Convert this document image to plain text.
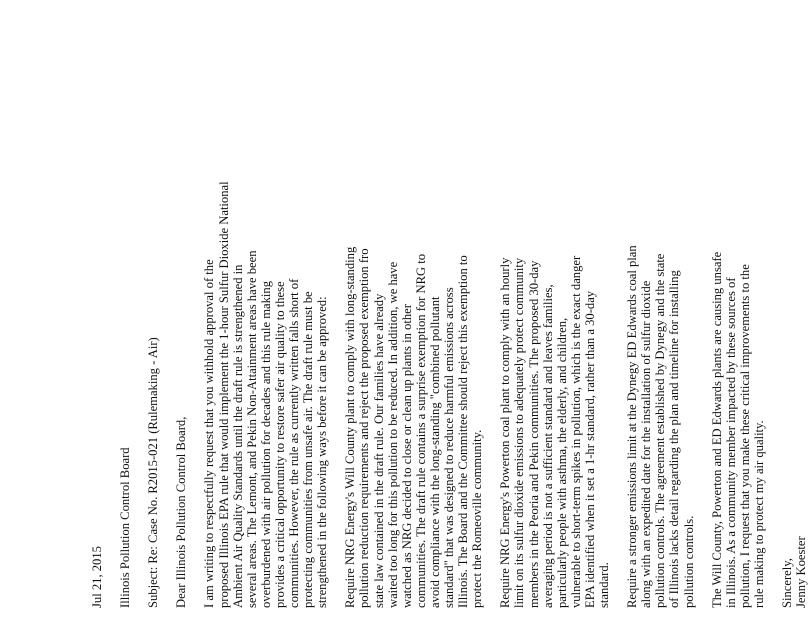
Jul 21, 2015 Illinois Pollution Control Board Subject: Re: Case No. R2015-021 (Rulemaking - Air) Dear Illinois Pollution Control Board, I am writing to respectfully request that you withhold approval of the proposed Illinois EPA rule that would implement the 1-hour Sulfur Dioxide National Ambient Air Quality Standards until the draft rule is strengthened in several areas. The Lemont, and Pekin Non-Attainment areas have been overburdened with air pollution for decades and this rule making provides a critical opportunity to restore safer air quality to these communities. However, the rule as currently written falls short of protecting communities from unsafe air. The draft rule must be strengthened in the following ways before it can be approved: Require NRG Energy's Will County plant to comply with long-standing pollution reduction requirements and reject the proposed exemption fro state law contained in the draft rule. Our families have already waited too long for this pollution to be reduced. In addition, we have watched as NRG decided to close or clean up plants in other communities. The draft rule contains a surprise exemption for NRG to avoid compliance with the long-standing "combined pollutant standard" that was designed to reduce harmful emissions across Illinois. The Board and the Committee should reject this exemption to protect the Romeoville community. Require NRG Energy's Powerton coal plant to comply with an hourly limit on its sulfur dioxide emissions to adequately protect community members in the Peoria and Pekin communities. The proposed 30-day averaging period is not a sufficient standard and leaves families, particularly people with asthma, the elderly, and children, vulnerable to short-term spikes in pollution, which is the exact danger EPA identified when it set a 1-hr standard, rather than a 30-day standard. Require a stronger emissions limit at the Dynegy ED Edwards coal plan along with an expedited date for the installation of sulfur dioxide pollution controls. The agreement established by Dynegy and the state of Illinois lacks detail regarding the plan and timeline for installing pollution controls. The Will County, Powerton and ED Edwards plants are causing unsafe in Illinois. As a community member impacted by these sources of pollution, I request that you make these critical improvements to the rule making to protect my air quality. Sincerely, Jenny Koester
